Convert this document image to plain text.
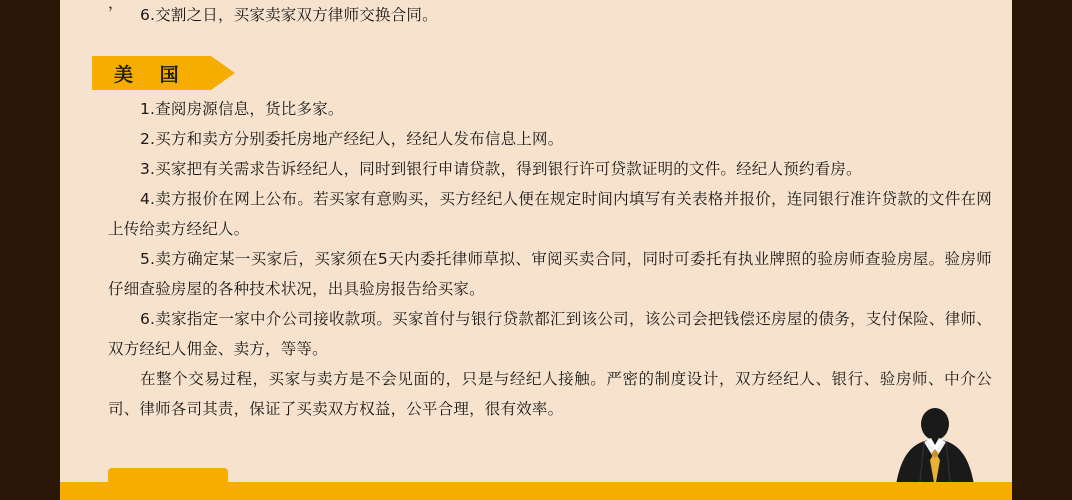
，

6.交割之日，买家卖家双方律师交换合同。

美 国

1.查阅房源信息，货比多家。

2.买方和卖方分别委托房地产经纪人，经纪人发布信息上网。

3.买家把有关需求告诉经纪人，同时到银行申请贷款，得到银行许可贷款证明的文件。经纪人预约看房。

4.卖方报价在网上公布。若买家有意购买，买方经纪人便在规定时间内填写有关表格并报价，连同银行准许贷款的文件在网上传给卖方经纪人。

5.卖方确定某一买家后，买家须在5天内委托律师草拟、审阅买卖合同，同时可委托有执业牌照的验房师查验房屋。验房师仔细查验房屋的各种技术状况，出具验房报告给买家。

6.卖家指定一家中介公司接收款项。买家首付与银行贷款都汇到该公司，该公司会把钱偿还房屋的债务，支付保险、律师、双方经纪人佣金、卖方，等等。

在整个交易过程，买家与卖方是不会见面的，只是与经纪人接触。严密的制度设计，双方经纪人、银行、验房师、中介公司、律师各司其责，保证了买卖双方权益，公平合理，很有效率。
